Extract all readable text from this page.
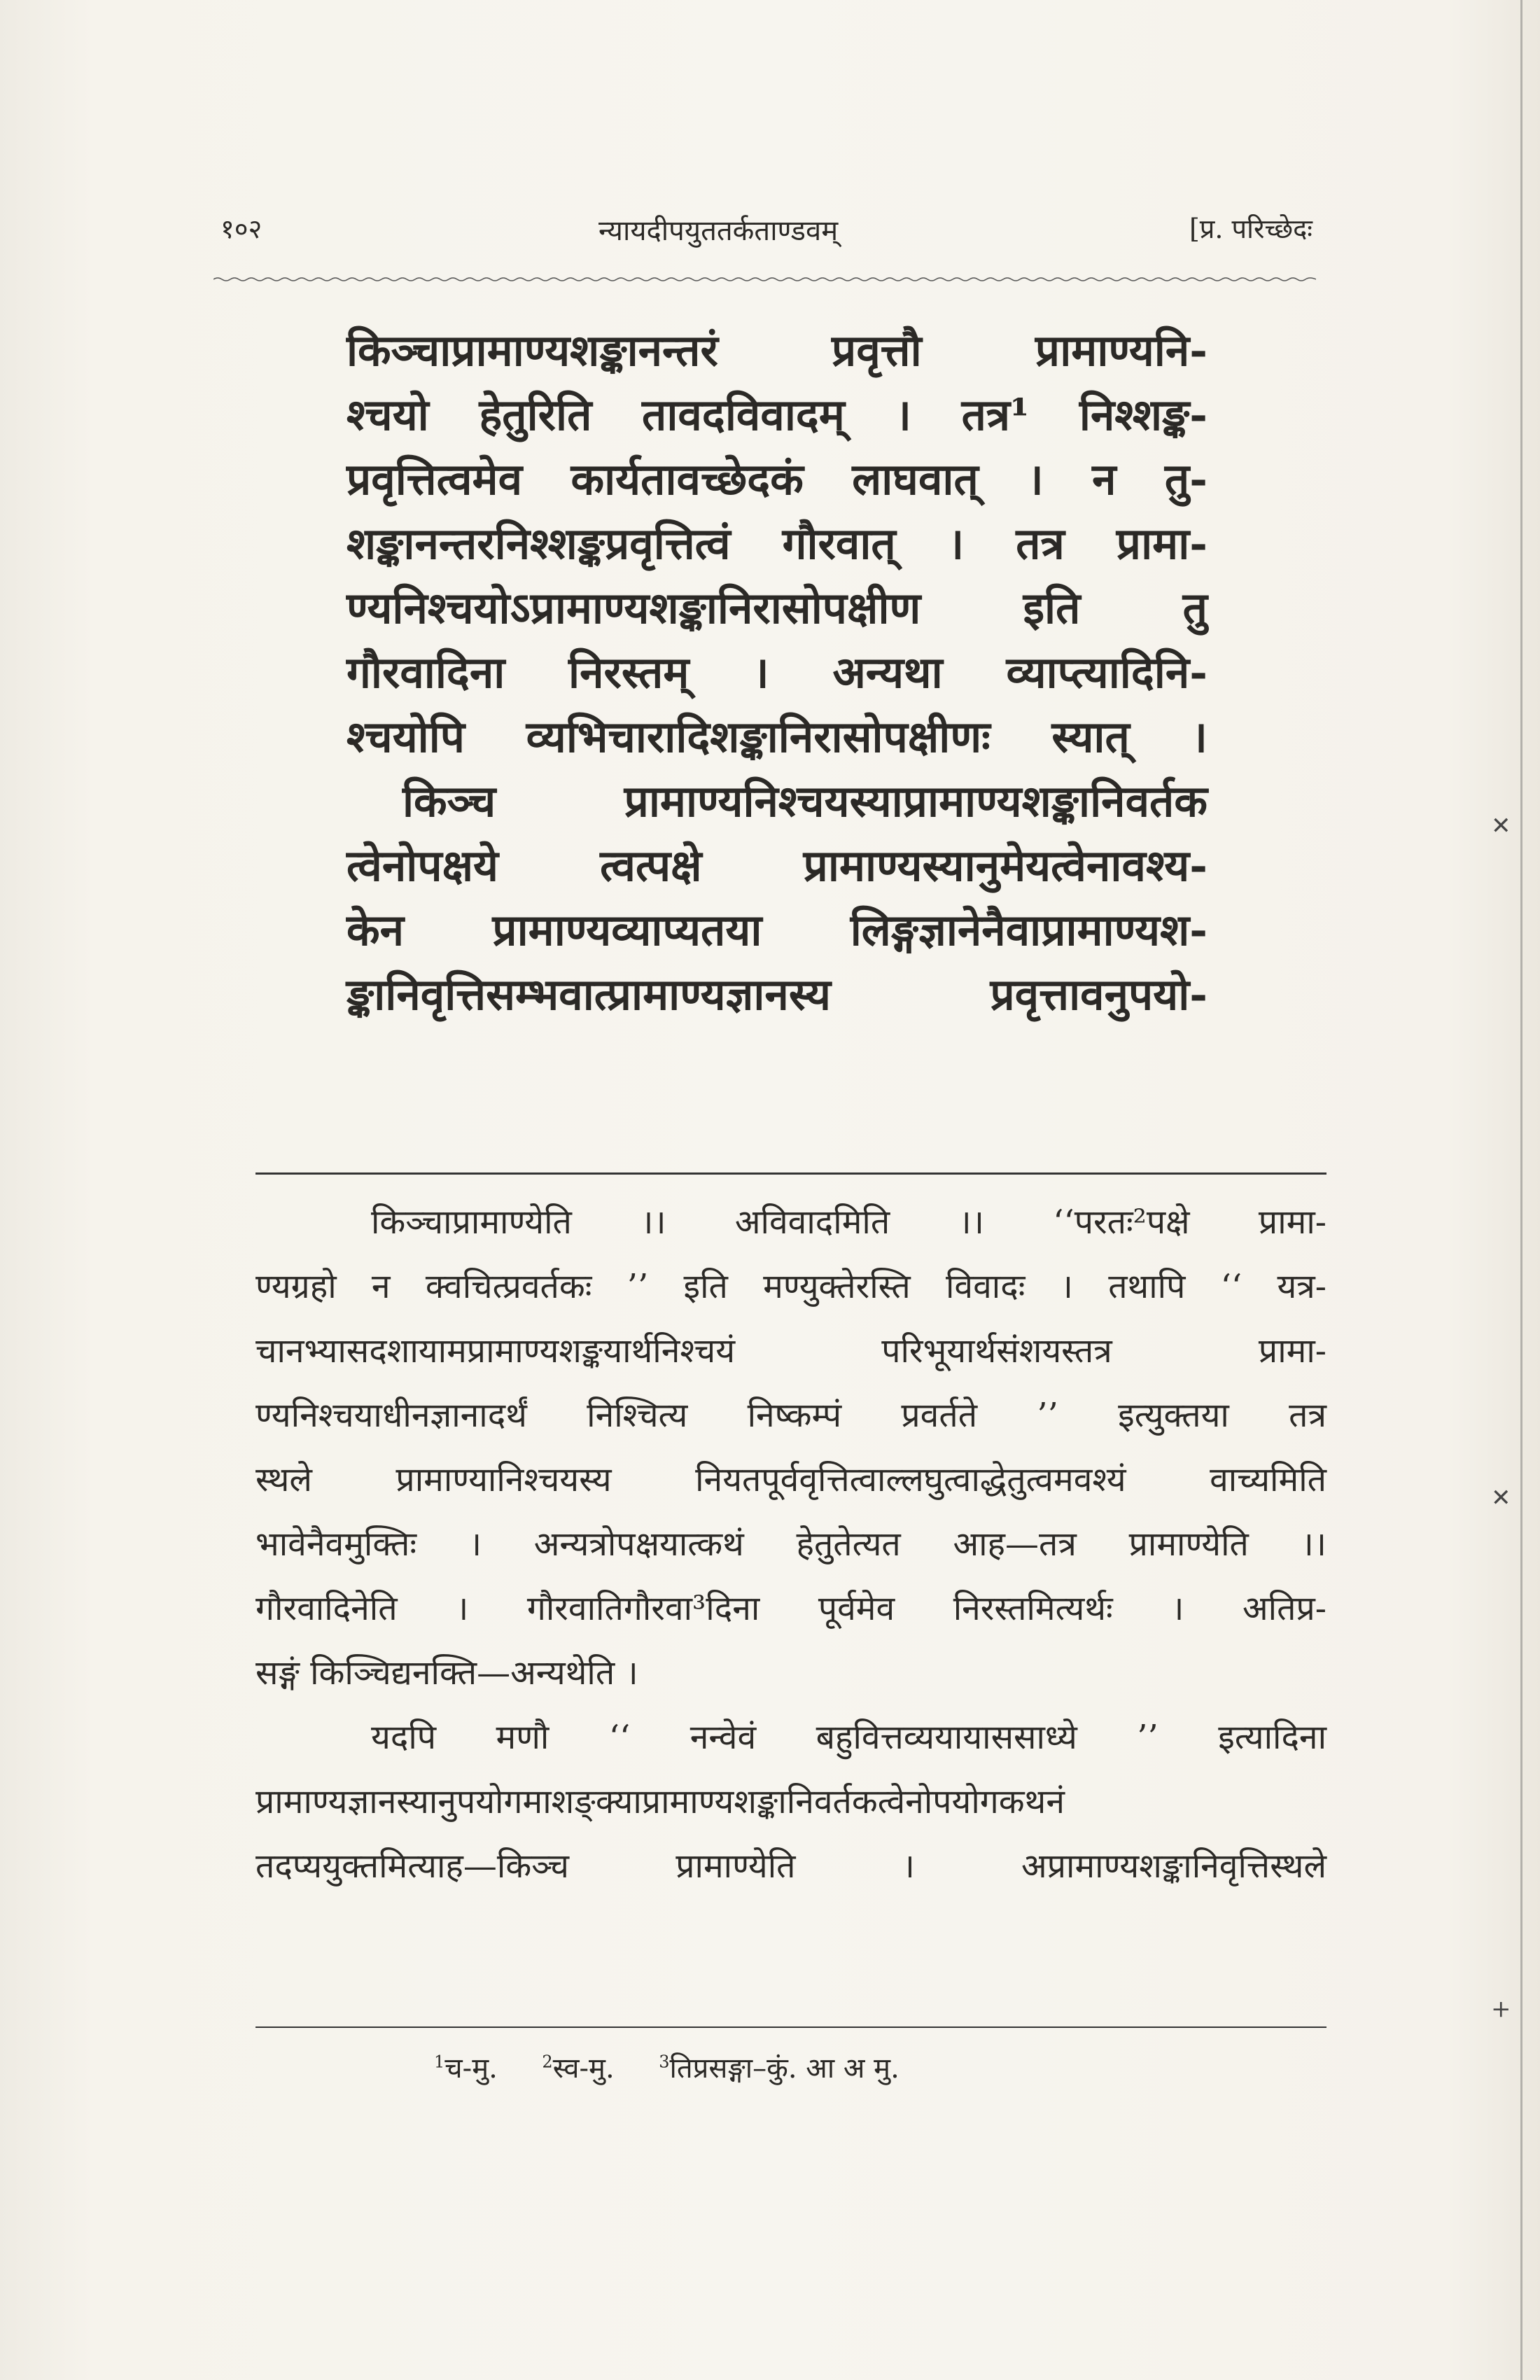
✕
✕
+
१०२	न्यायदीपयुततर्कताण्डवम्	[प्र. परिच्छेदः
किञ्चाप्रामाण्यशङ्कानन्तरं प्रवृत्तौ प्रामाण्यनि-
श्चयो हेतुरिति तावदविवादम् । तत्र¹ निश्शङ्क-
प्रवृत्तित्वमेव कार्यतावच्छेदकं लाघवात् । न तु-
शङ्कानन्तरनिश्शङ्कप्रवृत्तित्वं गौरवात् । तत्र प्रामा-
ण्यनिश्चयोऽप्रामाण्यशङ्कानिरासोपक्षीण इति तु
गौरवादिना निरस्तम् । अन्यथा व्याप्त्यादिनि-
श्चयोपि व्यभिचारादिशङ्कानिरासोपक्षीणः स्यात् ।
किञ्च प्रामाण्यनिश्चयस्याप्रामाण्यशङ्कानिवर्तक
त्वेनोपक्षये त्वत्पक्षे प्रामाण्यस्यानुमेयत्वेनावश्य-
केन प्रामाण्यव्याप्यतया लिङ्गज्ञानेनैवाप्रामाण्यश-
ङ्कानिवृत्तिसम्भवात्प्रामाण्यज्ञानस्य प्रवृत्तावनुपयो-
किञ्चाप्रामाण्येति ।। अविवादमिति ।। ‘‘परतः²पक्षे प्रामा-
ण्यग्रहो न क्वचित्प्रवर्तकः ’’ इति मण्युक्तेरस्ति विवादः । तथापि ‘‘ यत्र-
चानभ्यासदशायामप्रामाण्यशङ्कयार्थनिश्चयं परिभूयार्थसंशयस्तत्र प्रामा-
ण्यनिश्चयाधीनज्ञानादर्थं निश्चित्य निष्कम्पं प्रवर्तते ’’ इत्युक्तया तत्र
स्थले प्रामाण्यानिश्चयस्य नियतपूर्ववृत्तित्वाल्लघुत्वाद्धेतुत्वमवश्यं वाच्यमिति
भावेनैवमुक्तिः । अन्यत्रोपक्षयात्कथं हेतुतेत्यत आह—तत्र प्रामाण्येति ।।
गौरवादिनेति । गौरवातिगौरवा³दिना पूर्वमेव निरस्तमित्यर्थः । अतिप्र-
सङ्गं किञ्चिद्यनक्ति—अन्यथेति ।
यदपि मणौ ‘‘ नन्वेवं बहुवित्तव्ययायाससाध्ये ’’ इत्यादिना
प्रामाण्यज्ञानस्यानुपयोगमाशङ्क्याप्रामाण्यशङ्कानिवर्तकत्वेनोपयोगकथनं
तदप्ययुक्तमित्याह—किञ्च प्रामाण्येति । अप्रामाण्यशङ्कानिवृत्तिस्थले
$^1$च-मु.	$^2$स्व-मु.	$^3$तिप्रसङ्गा–कुं. आ अ मु.
